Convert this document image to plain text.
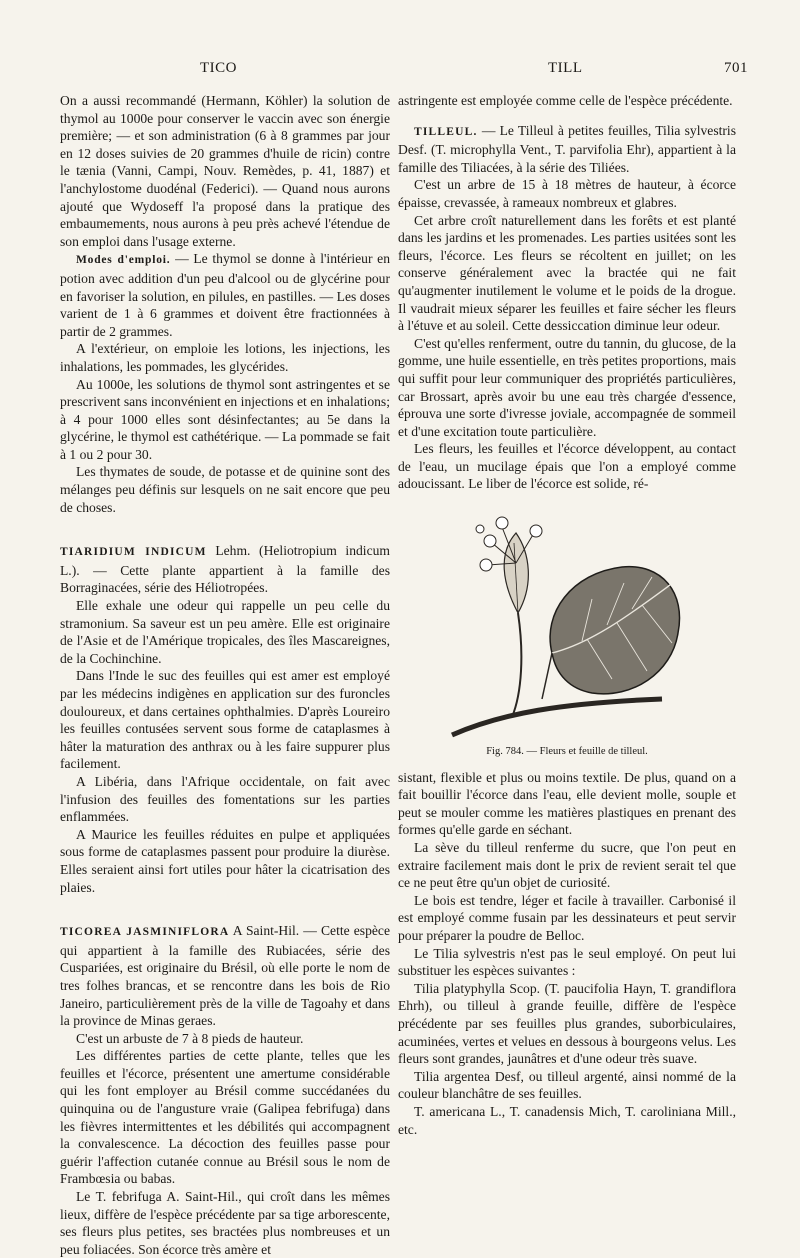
TICO	TILL	701

On a aussi recommandé (Hermann, Köhler) la solution de thymol au 1000e pour conserver le vaccin avec son énergie première; — et son administration (6 à 8 grammes par jour en 12 doses suivies de 20 grammes d'huile de ricin) contre le tænia (Vanni, Campi, Nouv. Remèdes, p. 41, 1887) et l'anchylostome duodénal (Federici). — Quand nous aurons ajouté que Wydoseff l'a proposé dans la pratique des embaumements, nous aurons à peu près achevé l'étendue de son emploi dans l'usage externe.

Modes d'emploi. — Le thymol se donne à l'intérieur en potion avec addition d'un peu d'alcool ou de glycérine pour en favoriser la solution, en pilules, en pastilles. — Les doses varient de 1 à 6 grammes et doivent être fractionnées à partir de 2 grammes.

A l'extérieur, on emploie les lotions, les injections, les inhalations, les pommades, les glycérides.

Au 1000e, les solutions de thymol sont astringentes et se prescrivent sans inconvénient en injections et en inhalations; à 4 pour 1000 elles sont désinfectantes; au 5e dans la glycérine, le thymol est cathétérique. — La pommade se fait à 1 ou 2 pour 30.

Les thymates de soude, de potasse et de quinine sont des mélanges peu définis sur lesquels on ne sait encore que peu de choses.

TIARIDIUM INDICUM Lehm. (Heliotropium indicum L.). — Cette plante appartient à la famille des Borraginacées, série des Héliotropées.

Elle exhale une odeur qui rappelle un peu celle du stramonium. Sa saveur est un peu amère. Elle est originaire de l'Asie et de l'Amérique tropicales, des îles Mascareignes, de la Cochinchine.

Dans l'Inde le suc des feuilles qui est amer est employé par les médecins indigènes en application sur des furoncles douloureux, et dans certaines ophthalmies. D'après Loureiro les feuilles contusées servent sous forme de cataplasmes à hâter la maturation des anthrax ou à les faire suppurer plus facilement.

A Libéria, dans l'Afrique occidentale, on fait avec l'infusion des feuilles des fomentations sur les parties enflammées.

A Maurice les feuilles réduites en pulpe et appliquées sous forme de cataplasmes passent pour produire la diurèse. Elles seraient ainsi fort utiles pour hâter la cicatrisation des plaies.

TICOREA JASMINIFLORA A Saint-Hil. — Cette espèce qui appartient à la famille des Rubiacées, série des Cuspariées, est originaire du Brésil, où elle porte le nom de tres folhes brancas, et se rencontre dans les bois de Rio Janeiro, particulièrement près de la ville de Tagoahy et dans la province de Minas geraes.

C'est un arbuste de 7 à 8 pieds de hauteur.

Les différentes parties de cette plante, telles que les feuilles et l'écorce, présentent une amertume considérable qui les font employer au Brésil comme succédanées du quinquina ou de l'angusture vraie (Galipea febrifuga) dans les fièvres intermittentes et les débilités qui accompagnent la convalescence. La décoction des feuilles passe pour guérir l'affection cutanée connue au Brésil sous le nom de Frambœsia ou babas.

Le T. febrifuga A. Saint-Hil., qui croît dans les mêmes lieux, diffère de l'espèce précédente par sa tige arborescente, ses fleurs plus petites, ses bractées plus nombreuses et un peu foliacées. Son écorce très amère et

astringente est employée comme celle de l'espèce précédente.

TILLEUL. — Le Tilleul à petites feuilles, Tilia sylvestris Desf. (T. microphylla Vent., T. parvifolia Ehr), appartient à la famille des Tiliacées, à la série des Tiliées.

C'est un arbre de 15 à 18 mètres de hauteur, à écorce épaisse, crevassée, à rameaux nombreux et glabres.

Cet arbre croît naturellement dans les forêts et est planté dans les jardins et les promenades. Les parties usitées sont les fleurs, l'écorce. Les fleurs se récoltent en juillet; on les conserve généralement avec la bractée qui ne fait qu'augmenter inutilement le volume et le poids de la drogue. Il vaudrait mieux séparer les feuilles et faire sécher les fleurs à l'étuve et au soleil. Cette dessiccation diminue leur odeur.

C'est qu'elles renferment, outre du tannin, du glucose, de la gomme, une huile essentielle, en très petites proportions, mais qui suffit pour leur communiquer des propriétés particulières, car Brossart, après avoir bu une eau très chargée d'essence, éprouva une sorte d'ivresse joviale, accompagnée de sommeil et d'une excitation toute particulière.

Les fleurs, les feuilles et l'écorce développent, au contact de l'eau, un mucilage épais que l'on a employé comme adoucissant. Le liber de l'écorce est solide, ré-

Fig. 784. — Fleurs et feuille de tilleul.

sistant, flexible et plus ou moins textile. De plus, quand on a fait bouillir l'écorce dans l'eau, elle devient molle, souple et peut se mouler comme les matières plastiques en prenant des formes qu'elle garde en séchant.

La sève du tilleul renferme du sucre, que l'on peut en extraire facilement mais dont le prix de revient serait tel que ce ne peut être qu'un objet de curiosité.

Le bois est tendre, léger et facile à travailler. Carbonisé il est employé comme fusain par les dessinateurs et peut servir pour préparer la poudre de Belloc.

Le Tilia sylvestris n'est pas le seul employé. On peut lui substituer les espèces suivantes :

Tilia platyphylla Scop. (T. paucifolia Hayn, T. grandiflora Ehrh), ou tilleul à grande feuille, diffère de l'espèce précédente par ses feuilles plus grandes, suborbiculaires, acuminées, vertes et velues en dessous à bourgeons velus. Les fleurs sont grandes, jaunâtres et d'une odeur très suave.

Tilia argentea Desf, ou tilleul argenté, ainsi nommé de la couleur blanchâtre de ses feuilles.

T. americana L., T. canadensis Mich, T. caroliniana Mill., etc.
